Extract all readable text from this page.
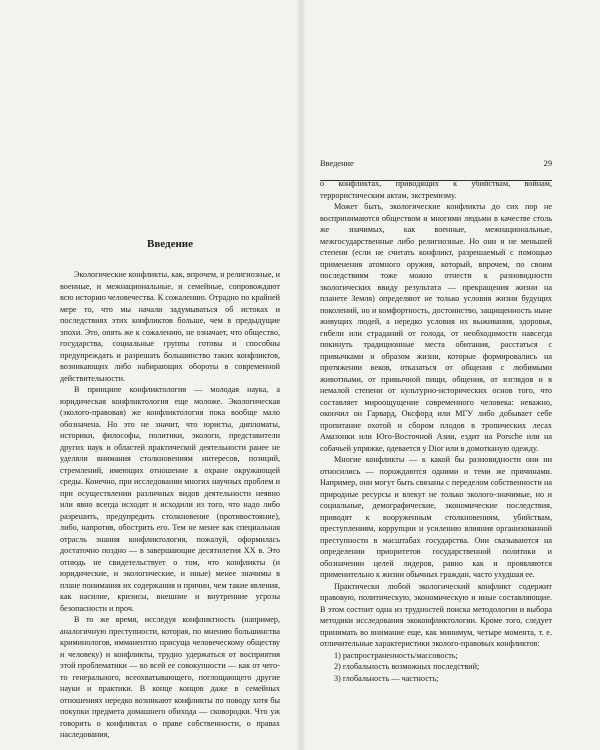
Введение

Экологические конфликты, как, впрочем, и религиозные, и военные, и межнациональные, и семейные, сопровождают всю историю человечества. К сожалению. Отрадно по крайней мере то, что мы начали задумываться об истоках и последствиях этих конфликтов больше, чем в предыдущие эпохи. Это, опять же к сожалению, не означает, что общество, государства, социальные группы готовы и способны предупреждать и разрешать большинство таких конфликтов, возникающих либо набирающих обороты в современной действительности.

В принципе конфликтология — молодая наука, а юридическая конфликтология еще моложе. Экологическая (эколого-правовая) же конфликтология пока вообще мало обозначена. Но это не значит, что юристы, дипломаты, историки, философы, политики, экологи, представители других наук и областей практической деятельности ранее не уделяли внимания столкновениям интересов, позиций, стремлений, имеющих отношение к охране окружающей среды. Конечно, при исследовании многих научных проблем и при осуществлении различных видов деятельности неявно или явно всегда исходят и исходили из того, что надо либо разрешить, предупредить столкновение (противостояние), либо, напротив, обострить его. Тем не менее как специальная отрасль знания конфликтология, пожалуй, оформилась достаточно поздно — в завершающие десятилетия XX в. Это отнюдь не свидетельствует о том, что конфликты (и юридические, и экологические, и иные) менее значимы в плане понимания их содержания и причин, чем такие явления, как насилие, кризисы, внешние и внутренние угрозы безопасности и проч.

В то же время, исследуя конфликтность (например, аналогичную преступности, которая, по мнению большинства криминологов, имманентно присуща человеческому обществу и человеку) и конфликты, трудно удержаться от восприятия этой проблематики — во всей ее совокупности — как от чего-то генерального, всеохватывающего, поглощающего другие науки и практики. В конце концов даже в семейных отношениях нередко возникают конфликты по поводу хотя бы покупки предмета домашнего обихода — сковородки. Что уж говорить о конфликтах о праве собственности, о правах наследования,

Введение	29

о конфликтах, приводящих к убийствам, войнам, террористическим актам, экстремизму.

Может быть, экологические конфликты до сих пор не воспринимаются обществом и многими людьми в качестве столь же значимых, как военные, межнациональные, межгосударственные либо религиозные. Но они и не меньшей степени (если не считать конфликт, разрешаемый с помощью применения атомного оружия, который, впрочем, по своим последствиям тоже можно отнести к разновидности экологических ввиду результата — прекращения жизни на планете Земля) определяют не только условия жизни будущих поколений, но и комфортность, достоинство, защищенность ныне живущих людей, а нередко условия их выживания, здоровья, гибели или страданий от голода, от необходимости навсегда покинуть традиционные места обитания, расстаться с привычками и образом жизни, которые формировались на протяжении веков, отказаться от общения с любимыми животными, от привычной пищи, общения, от взглядов и в немалой степени от культурно-исторических основ того, что составляет мироощущение современного человека: неважно, окончил он Гарвард, Оксфорд или МГУ либо добывает себе пропитание охотой и сбором плодов в тропических лесах Амазонки или Юго-Восточной Азии, ездит на Porsche или на собачьей упряжке, одевается у Dior или в домотканую одежду.

Многие конфликты — к какой бы разновидности они ни относились — порождаются одними и теми же причинами. Например, они могут быть связаны с переделом собственности на природные ресурсы и влекут не только эколого-значимые, но и социальные, демографические, экономические последствия, приводят к вооруженным столкновениям, убийствам, преступлениям, коррупции и усилению влияния организованной преступности в масштабах государства. Они сказываются на определении приоритетов государственной политики и обозначении целей лидеров, равно как и проявляются применительно к жизни обычных граждан, часто ухудшая ее.

Практически любой экологический конфликт содержит правовую, политическую, экономическую и иные составляющие. В этом состоит одна из трудностей поиска методологии и выбора методики исследования экоконфликтологии. Кроме того, следует принимать во внимание еще, как минимум, четыре момента, т. е. отличительные характеристики эколого-правовых конфликтов:

1) распространенность/массовость;
2) глобальность возможных последствий;
3) глобальность — частность;
